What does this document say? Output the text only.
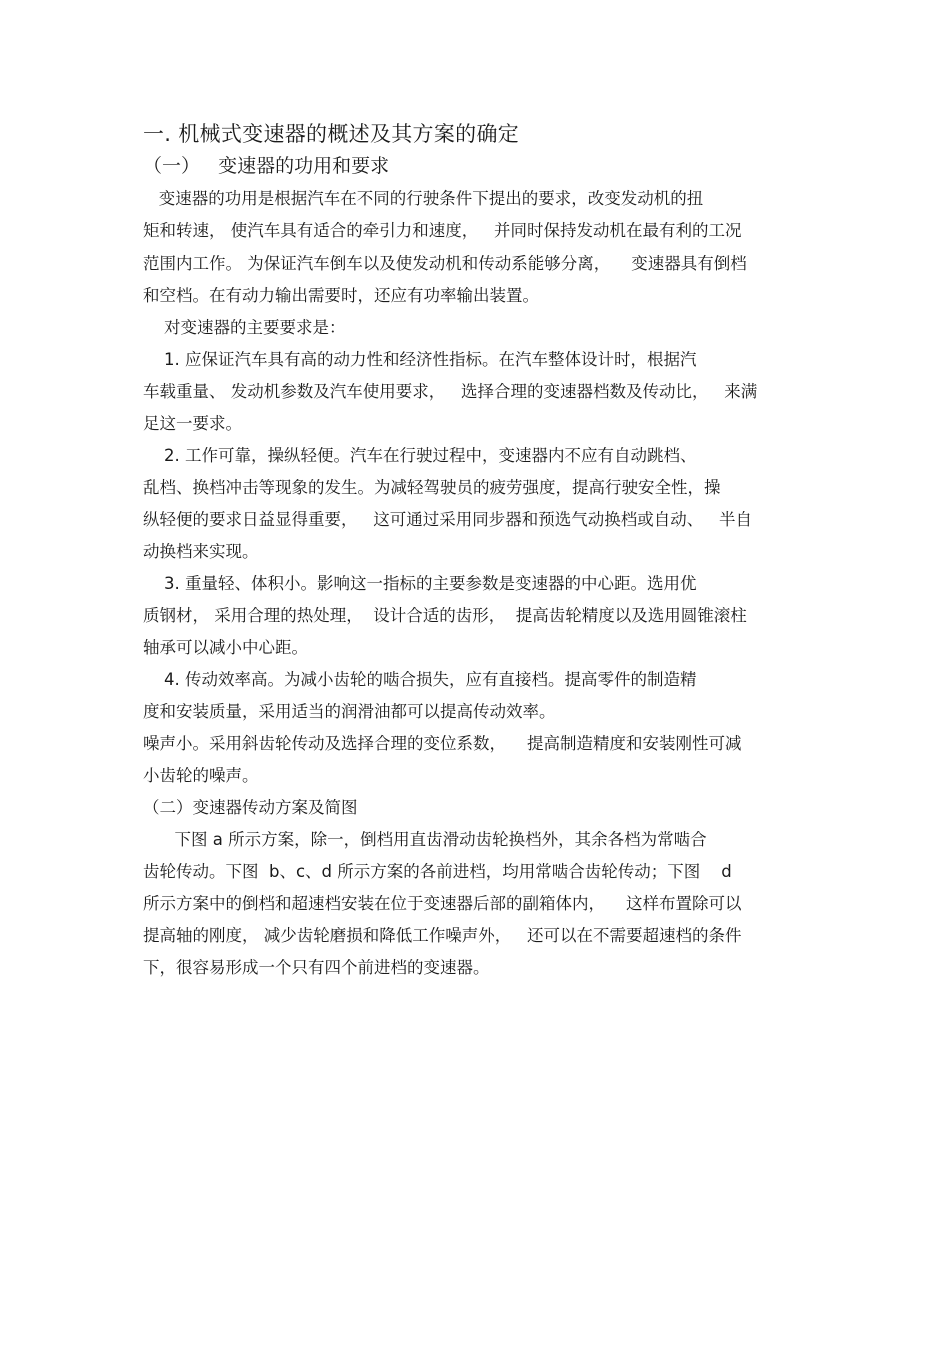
一. 机械式变速器的概述及其方案的确定
（一）   变速器的功用和要求
变速器的功用是根据汽车在不同的行驶条件下提出的要求，改变发动机的扭
矩和转速， 使汽车具有适合的牵引力和速度，   并同时保持发动机在最有利的工况
范围内工作。 为保证汽车倒车以及使发动机和传动系能够分离，    变速器具有倒档
和空档。在有动力输出需要时，还应有功率输出装置。
对变速器的主要要求是：
1. 应保证汽车具有高的动力性和经济性指标。在汽车整体设计时，根据汽
车载重量、 发动机参数及汽车使用要求，   选择合理的变速器档数及传动比，   来满
足这一要求。
2. 工作可靠，操纵轻便。汽车在行驶过程中，变速器内不应有自动跳档、
乱档、换档冲击等现象的发生。为减轻驾驶员的疲劳强度，提高行驶安全性，操
纵轻便的要求日益显得重要，   这可通过采用同步器和预选气动换档或自动、   半自
动换档来实现。
3. 重量轻、体积小。影响这一指标的主要参数是变速器的中心距。选用优
质钢材， 采用合理的热处理，  设计合适的齿形，  提高齿轮精度以及选用圆锥滚柱
轴承可以减小中心距。
4. 传动效率高。为减小齿轮的啮合损失，应有直接档。提高零件的制造精
度和安装质量，采用适当的润滑油都可以提高传动效率。
噪声小。采用斜齿轮传动及选择合理的变位系数，    提高制造精度和安装刚性可减
小齿轮的噪声。
（二）变速器传动方案及简图
下图 a 所示方案，除一，倒档用直齿滑动齿轮换档外，其余各档为常啮合
齿轮传动。下图  b、c、d 所示方案的各前进档，均用常啮合齿轮传动；下图    d
所示方案中的倒档和超速档安装在位于变速器后部的副箱体内，    这样布置除可以
提高轴的刚度， 减少齿轮磨损和降低工作噪声外，   还可以在不需要超速档的条件
下，很容易形成一个只有四个前进档的变速器。
